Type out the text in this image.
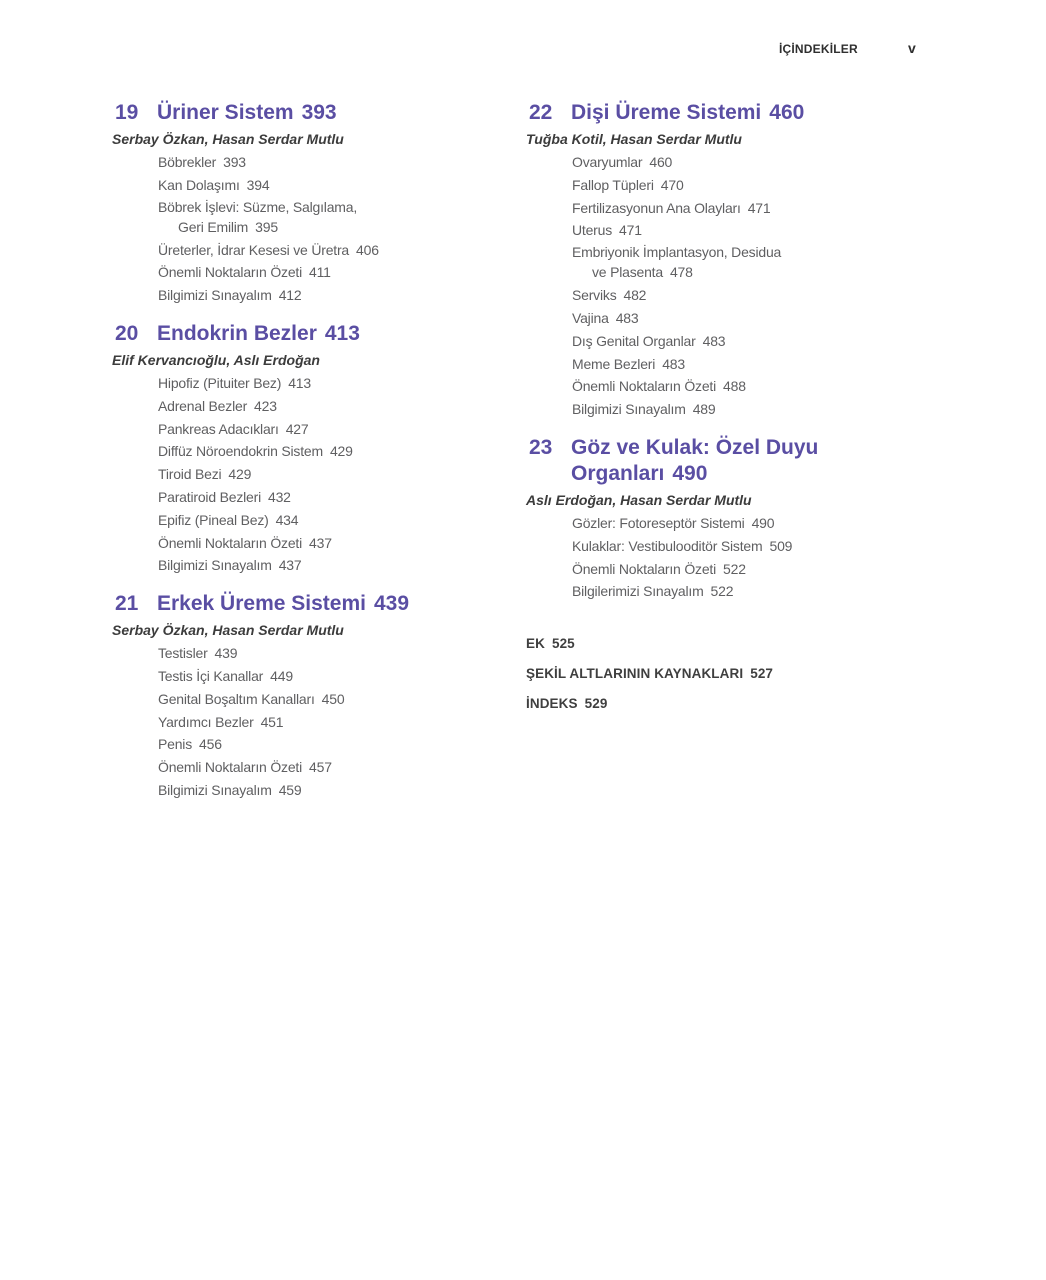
İÇİNDEKİLER	v
19 Üriner Sistem 393
Serbay Özkan, Hasan Serdar Mutlu
Böbrekler 393
Kan Dolaşımı 394
Böbrek İşlevi: Süzme, Salgılama,
Geri Emilim 395
Üreterler, İdrar Kesesi ve Üretra 406
Önemli Noktaların Özeti 411
Bilgimizi Sınayalım 412
20 Endokrin Bezler 413
Elif Kervancıoğlu, Aslı Erdoğan
Hipofiz (Pituiter Bez) 413
Adrenal Bezler 423
Pankreas Adacıkları 427
Diffüz Nöroendokrin Sistem 429
Tiroid Bezi 429
Paratiroid Bezleri 432
Epifiz (Pineal Bez) 434
Önemli Noktaların Özeti 437
Bilgimizi Sınayalım 437
21 Erkek Üreme Sistemi 439
Serbay Özkan, Hasan Serdar Mutlu
Testisler 439
Testis İçi Kanallar 449
Genital Boşaltım Kanalları 450
Yardımcı Bezler 451
Penis 456
Önemli Noktaların Özeti 457
Bilgimizi Sınayalım 459
22 Dişi Üreme Sistemi 460
Tuğba Kotil, Hasan Serdar Mutlu
Ovaryumlar 460
Fallop Tüpleri 470
Fertilizasyonun Ana Olayları 471
Uterus 471
Embriyonik İmplantasyon, Desidua
ve Plasenta 478
Serviks 482
Vajina 483
Dış Genital Organlar 483
Meme Bezleri 483
Önemli Noktaların Özeti 488
Bilgimizi Sınayalım 489
23 Göz ve Kulak: Özel Duyu Organları 490
Aslı Erdoğan, Hasan Serdar Mutlu
Gözler: Fotoreseptör Sistemi 490
Kulaklar: Vestibulooditör Sistem 509
Önemli Noktaların Özeti 522
Bilgilerimizi Sınayalım 522
EK 525
ŞEKİL ALTLARININ KAYNAKLARI 527
İNDEKS 529
